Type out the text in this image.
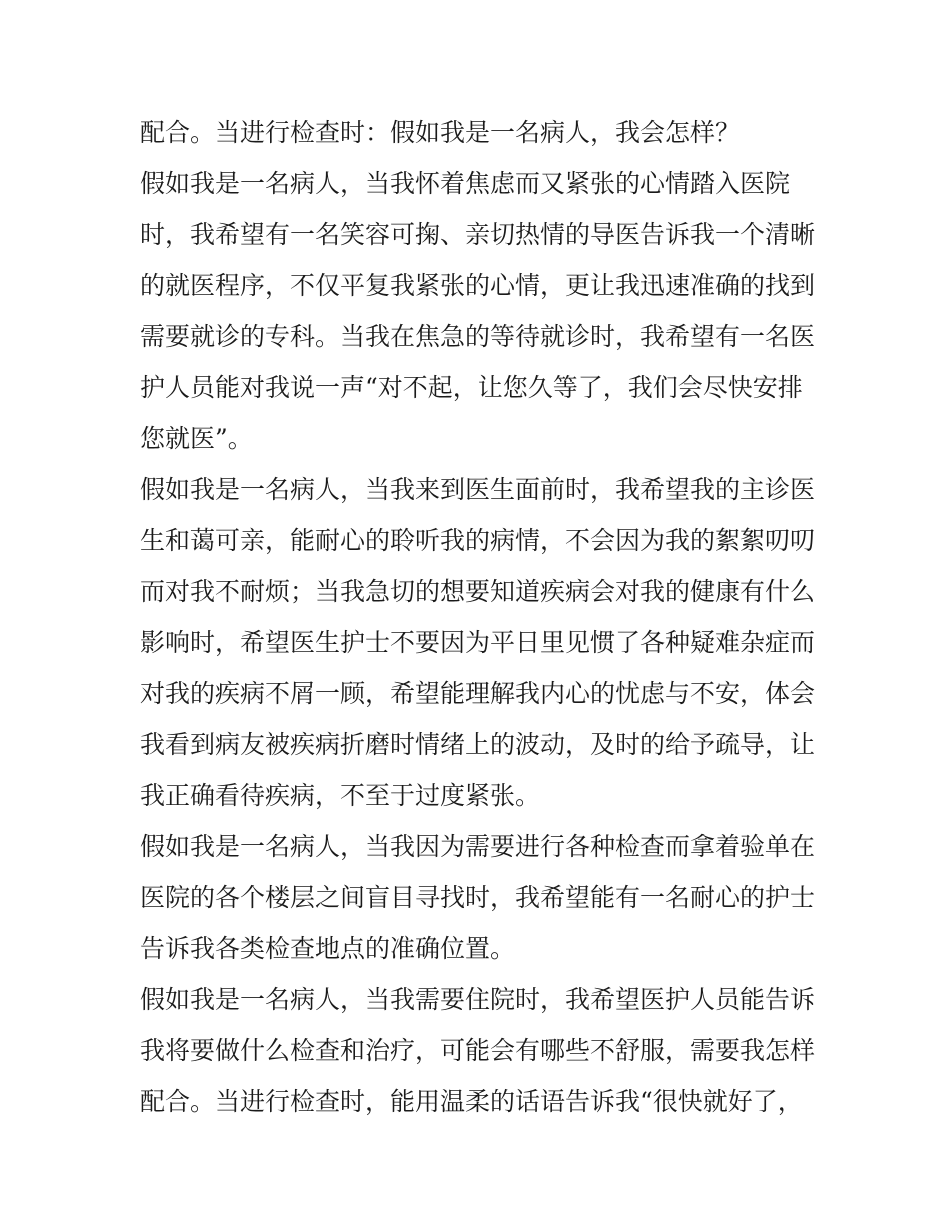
配合。当进行检查时：假如我是一名病人，我会怎样？
假如我是一名病人，当我怀着焦虑而又紧张的心情踏入医院
时，我希望有一名笑容可掬、亲切热情的导医告诉我一个清晰
的就医程序，不仅平复我紧张的心情，更让我迅速准确的找到
需要就诊的专科。当我在焦急的等待就诊时，我希望有一名医
护人员能对我说一声“对不起，让您久等了，我们会尽快安排
您就医”。
假如我是一名病人，当我来到医生面前时，我希望我的主诊医
生和蔼可亲，能耐心的聆听我的病情，不会因为我的絮絮叨叨
而对我不耐烦；当我急切的想要知道疾病会对我的健康有什么
影响时，希望医生护士不要因为平日里见惯了各种疑难杂症而
对我的疾病不屑一顾，希望能理解我内心的忧虑与不安，体会
我看到病友被疾病折磨时情绪上的波动，及时的给予疏导，让
我正确看待疾病，不至于过度紧张。
假如我是一名病人，当我因为需要进行各种检查而拿着验单在
医院的各个楼层之间盲目寻找时，我希望能有一名耐心的护士
告诉我各类检查地点的准确位置。
假如我是一名病人，当我需要住院时，我希望医护人员能告诉
我将要做什么检查和治疗，可能会有哪些不舒服，需要我怎样
配合。当进行检查时，能用温柔的话语告诉我“很快就好了，
